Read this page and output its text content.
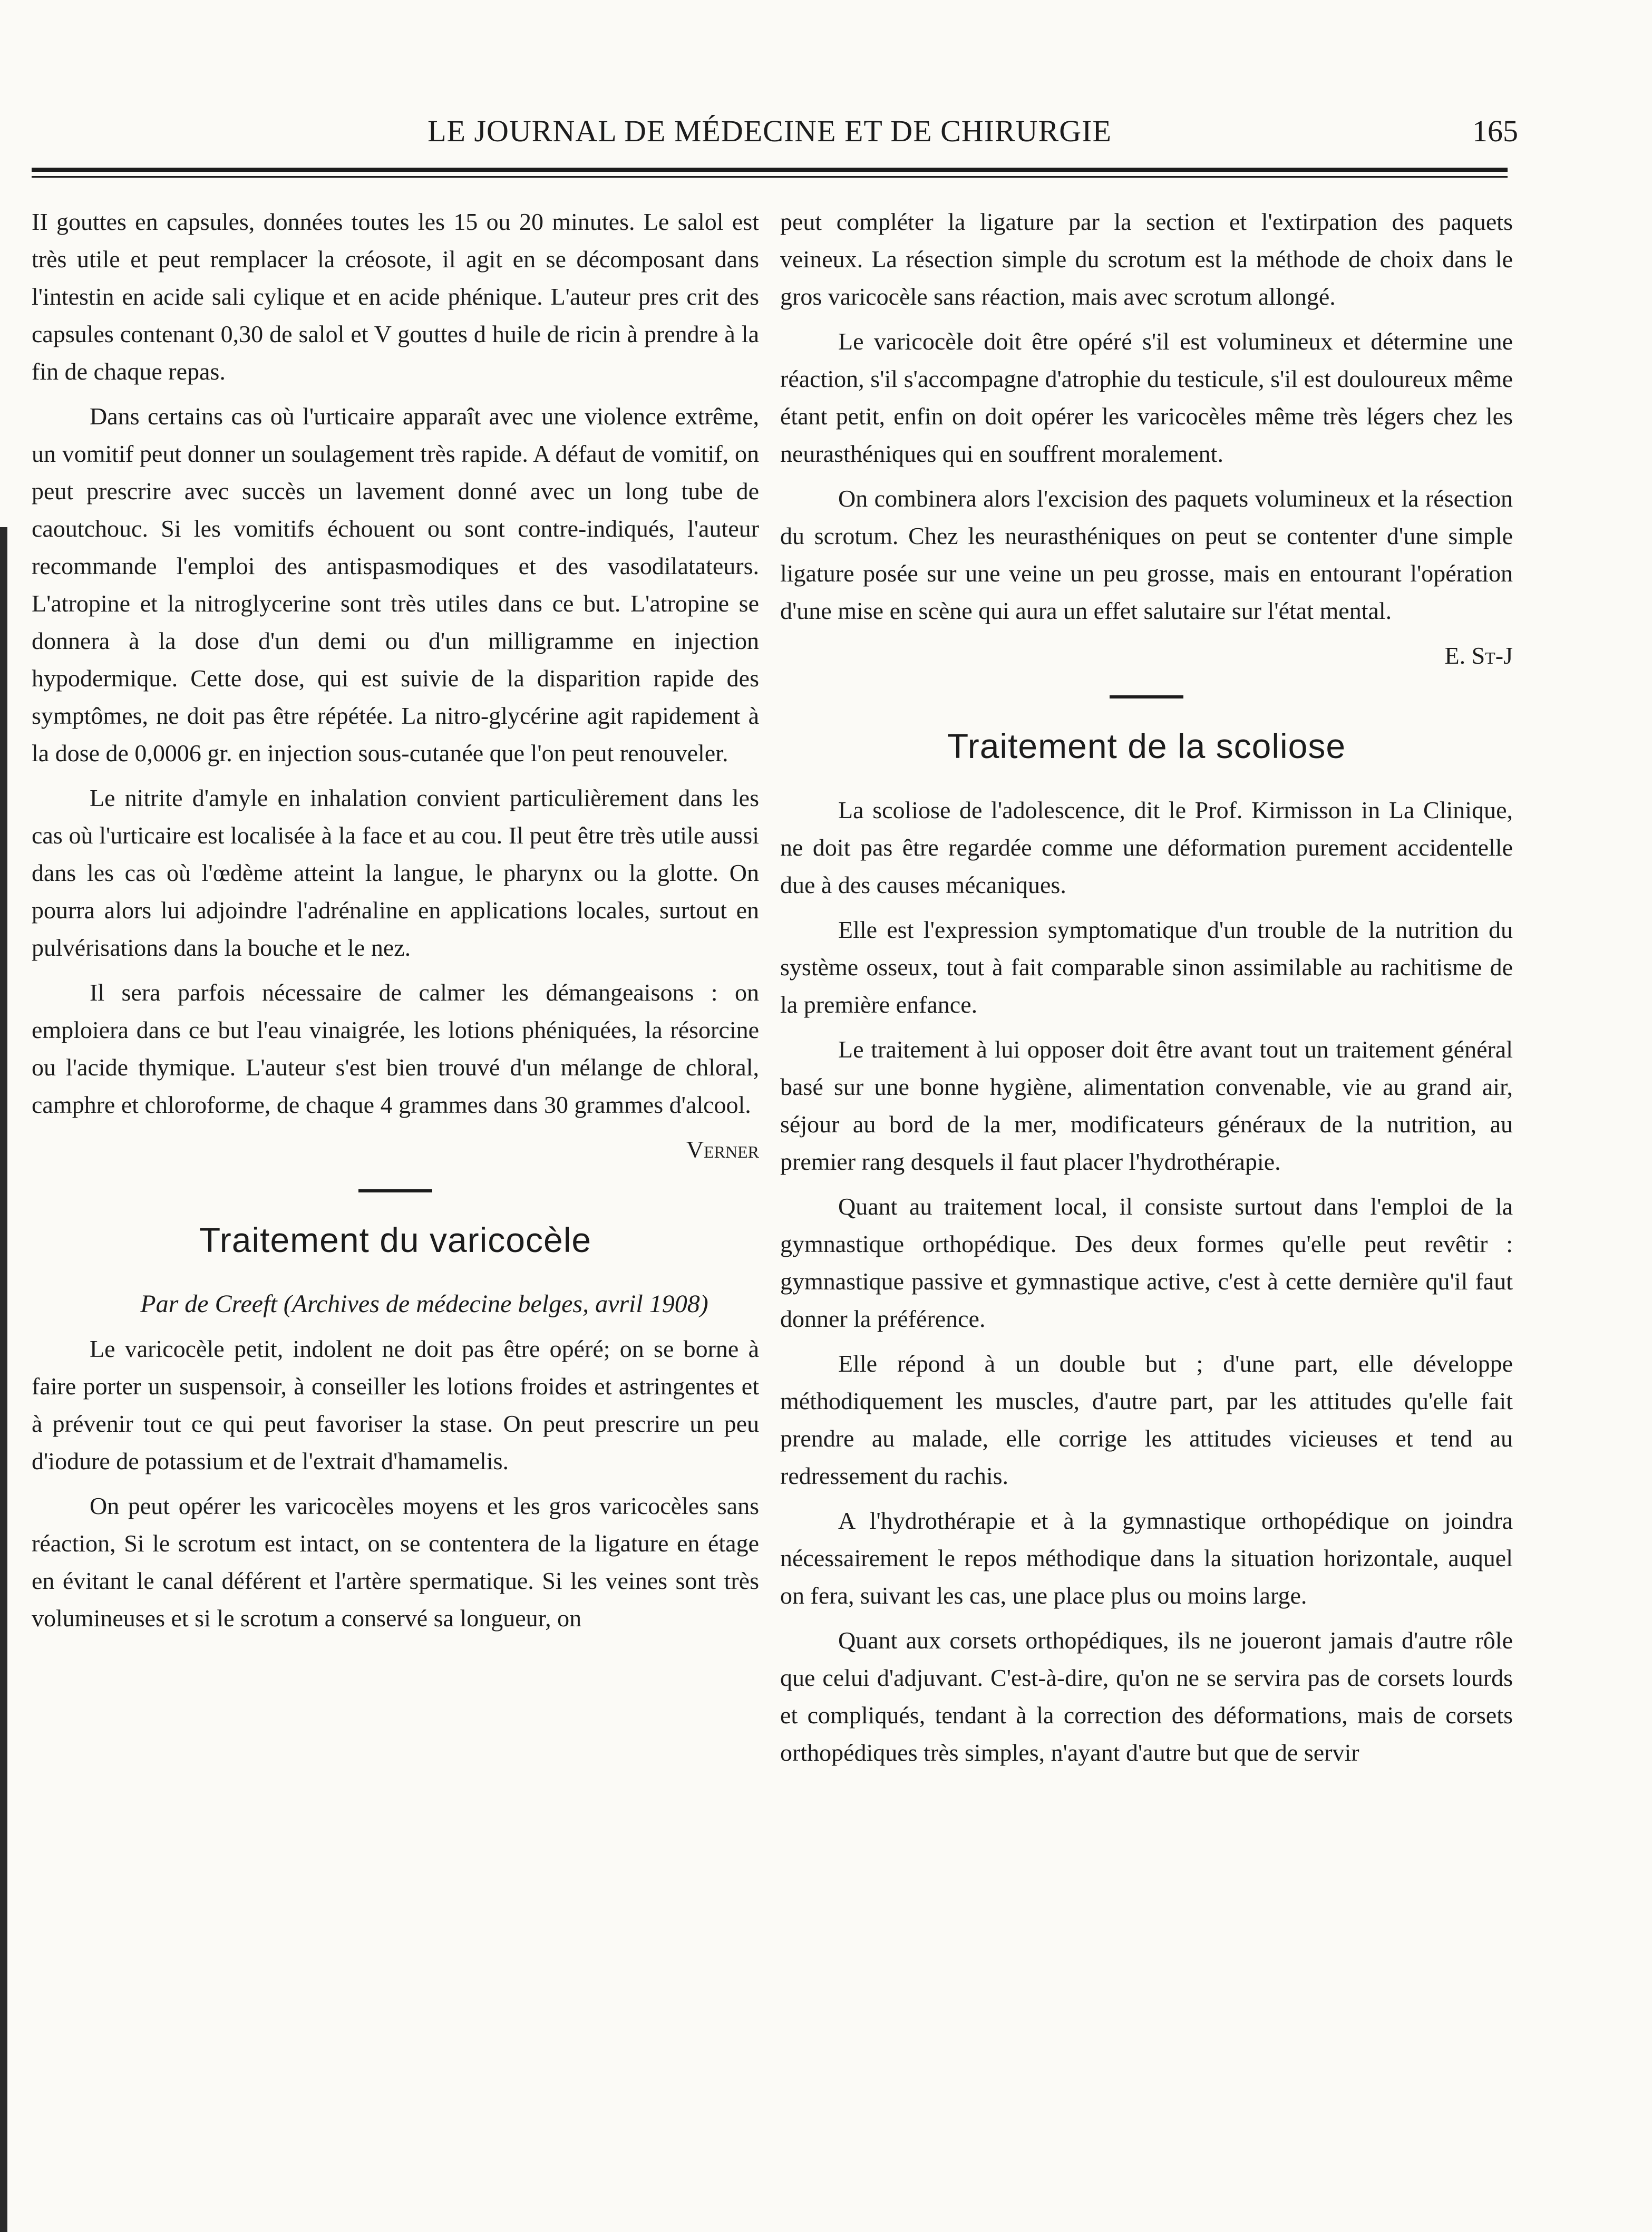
LE JOURNAL DE MÉDECINE ET DE CHIRURGIE	165

II gouttes en capsules, données toutes les 15 ou 20 minutes. Le salol est très utile et peut remplacer la créosote, il agit en se décomposant dans l'intestin en acide sali cylique et en acide phénique. L'auteur pres crit des capsules contenant 0,30 de salol et V gouttes d huile de ricin à prendre à la fin de chaque repas.

Dans certains cas où l'urticaire apparaît avec une violence extrême, un vomitif peut donner un soulagement très rapide. A défaut de vomitif, on peut prescrire avec succès un lavement donné avec un long tube de caoutchouc. Si les vomitifs échouent ou sont contre-indiqués, l'auteur recommande l'emploi des antispasmodiques et des vasodilatateurs. L'atropine et la nitroglycerine sont très utiles dans ce but. L'atropine se donnera à la dose d'un demi ou d'un milligramme en injection hypodermique. Cette dose, qui est suivie de la disparition rapide des symptômes, ne doit pas être répétée. La nitro-glycérine agit rapidement à la dose de 0,0006 gr. en injection sous-cutanée que l'on peut renouveler.

Le nitrite d'amyle en inhalation convient particulièrement dans les cas où l'urticaire est localisée à la face et au cou. Il peut être très utile aussi dans les cas où l'œdème atteint la langue, le pharynx ou la glotte. On pourra alors lui adjoindre l'adrénaline en applications locales, surtout en pulvérisations dans la bouche et le nez.

Il sera parfois nécessaire de calmer les démangeaisons : on emploiera dans ce but l'eau vinaigrée, les lotions phéniquées, la résorcine ou l'acide thymique. L'auteur s'est bien trouvé d'un mélange de chloral, camphre et chloroforme, de chaque 4 grammes dans 30 grammes d'alcool.

Verner

Traitement du varicocèle

Par de Creeft (Archives de médecine belges, avril 1908)

Le varicocèle petit, indolent ne doit pas être opéré; on se borne à faire porter un suspensoir, à conseiller les lotions froides et astringentes et à prévenir tout ce qui peut favoriser la stase. On peut prescrire un peu d'iodure de potassium et de l'extrait d'hamamelis.

On peut opérer les varicocèles moyens et les gros varicocèles sans réaction, Si le scrotum est intact, on se contentera de la ligature en étage en évitant le canal déférent et l'artère spermatique. Si les veines sont très volumineuses et si le scrotum a conservé sa longueur, on

peut compléter la ligature par la section et l'extirpation des paquets veineux. La résection simple du scrotum est la méthode de choix dans le gros varicocèle sans réaction, mais avec scrotum allongé.

Le varicocèle doit être opéré s'il est volumineux et détermine une réaction, s'il s'accompagne d'atrophie du testicule, s'il est douloureux même étant petit, enfin on doit opérer les varicocèles même très légers chez les neurasthéniques qui en souffrent moralement.

On combinera alors l'excision des paquets volumineux et la résection du scrotum. Chez les neurasthéniques on peut se contenter d'une simple ligature posée sur une veine un peu grosse, mais en entourant l'opération d'une mise en scène qui aura un effet salutaire sur l'état mental.

E. St-J

Traitement de la scoliose

La scoliose de l'adolescence, dit le Prof. Kirmisson in La Clinique, ne doit pas être regardée comme une déformation purement accidentelle due à des causes mécaniques.

Elle est l'expression symptomatique d'un trouble de la nutrition du système osseux, tout à fait comparable sinon assimilable au rachitisme de la première enfance.

Le traitement à lui opposer doit être avant tout un traitement général basé sur une bonne hygiène, alimentation convenable, vie au grand air, séjour au bord de la mer, modificateurs généraux de la nutrition, au premier rang desquels il faut placer l'hydrothérapie.

Quant au traitement local, il consiste surtout dans l'emploi de la gymnastique orthopédique. Des deux formes qu'elle peut revêtir : gymnastique passive et gymnastique active, c'est à cette dernière qu'il faut donner la préférence.

Elle répond à un double but ; d'une part, elle développe méthodiquement les muscles, d'autre part, par les attitudes qu'elle fait prendre au malade, elle corrige les attitudes vicieuses et tend au redressement du rachis.

A l'hydrothérapie et à la gymnastique orthopédique on joindra nécessairement le repos méthodique dans la situation horizontale, auquel on fera, suivant les cas, une place plus ou moins large.

Quant aux corsets orthopédiques, ils ne joueront jamais d'autre rôle que celui d'adjuvant. C'est-à-dire, qu'on ne se servira pas de corsets lourds et compliqués, tendant à la correction des déformations, mais de corsets orthopédiques très simples, n'ayant d'autre but que de servir
